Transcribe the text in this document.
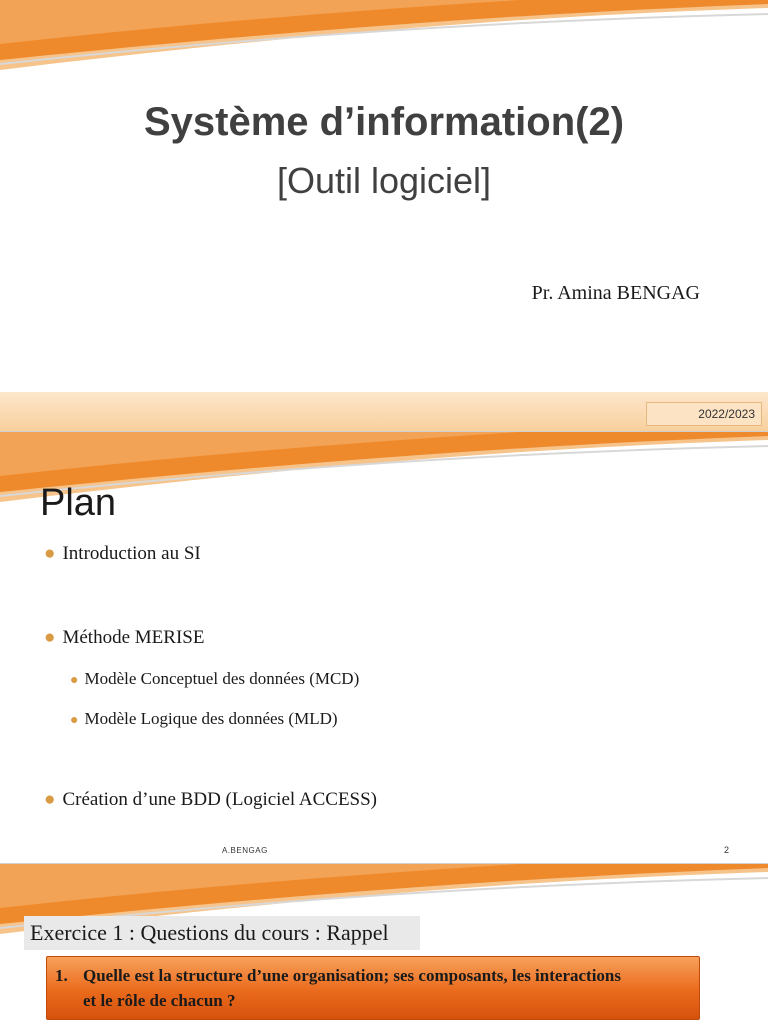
Système d’information(2)
[Outil logiciel]
Pr. Amina BENGAG
2022/2023
Plan
● Introduction au SI
● Méthode MERISE
● Modèle Conceptuel des données (MCD)
● Modèle Logique des données (MLD)
● Création d’une BDD (Logiciel ACCESS)
A.BENGAG	2
Exercice 1 : Questions du cours : Rappel
1. Quelle est la structure d’une organisation; ses composants, les interactions
et le rôle de chacun ?
